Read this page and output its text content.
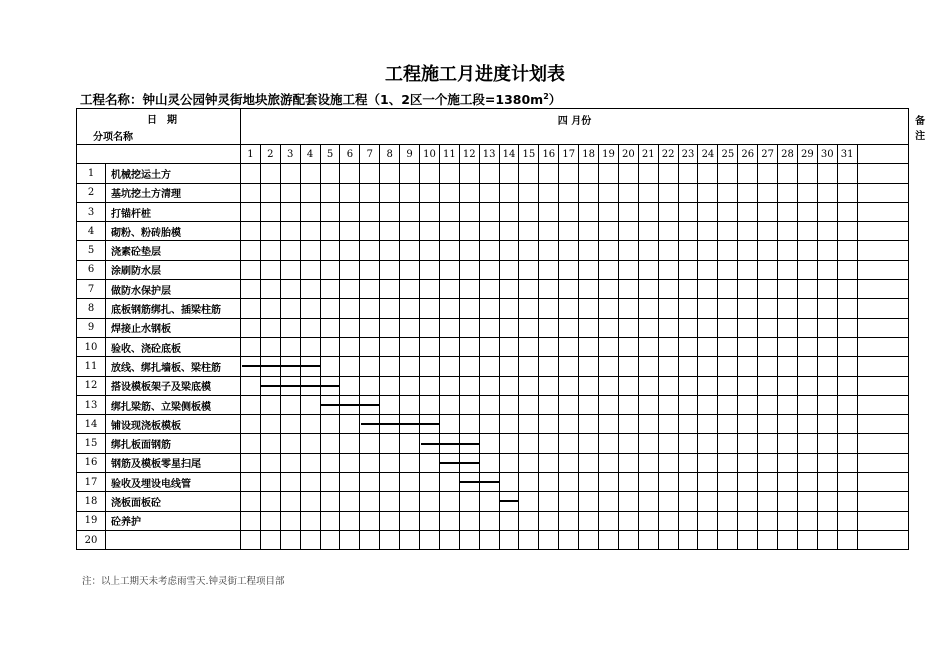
工程施工月进度计划表
工程名称：钟山灵公园钟灵街地块旅游配套设施工程（1、2区一个施工段$=1380m^2$）
日　期
分项名称		四 月份																																备 注
		1	2	3	4	5	6	7	8	9	10	11	12	13	14	15	16	17	18	19	20	21	22	23	24	25	26	27	28	29	30	31		
1	机械挖运土方																																	
2	基坑挖土方清理																																	
3	打锚杆桩																																	
4	砌粉、粉砖胎模																																	
5	浇素砼垫层																																	
6	涂刷防水层																																	
7	做防水保护层																																	
8	底板钢筋绑扎、插梁柱筋																																	
9	焊接止水钢板																																	
10	验收、浇砼底板																																	
11	放线、绑扎墙板、梁柱筋																																	
12	搭设模板架子及梁底模																																	
13	绑扎梁筋、立梁侧板模																																	
14	铺设现浇板模板																																	
15	绑扎板面钢筋																																	
16	钢筋及模板零星扫尾																																	
17	验收及埋设电线管																																	
18	浇板面板砼																																	
19	砼养护																																	
20																																		
注：以上工期天未考虑雨雪天.钟灵街工程项目部
